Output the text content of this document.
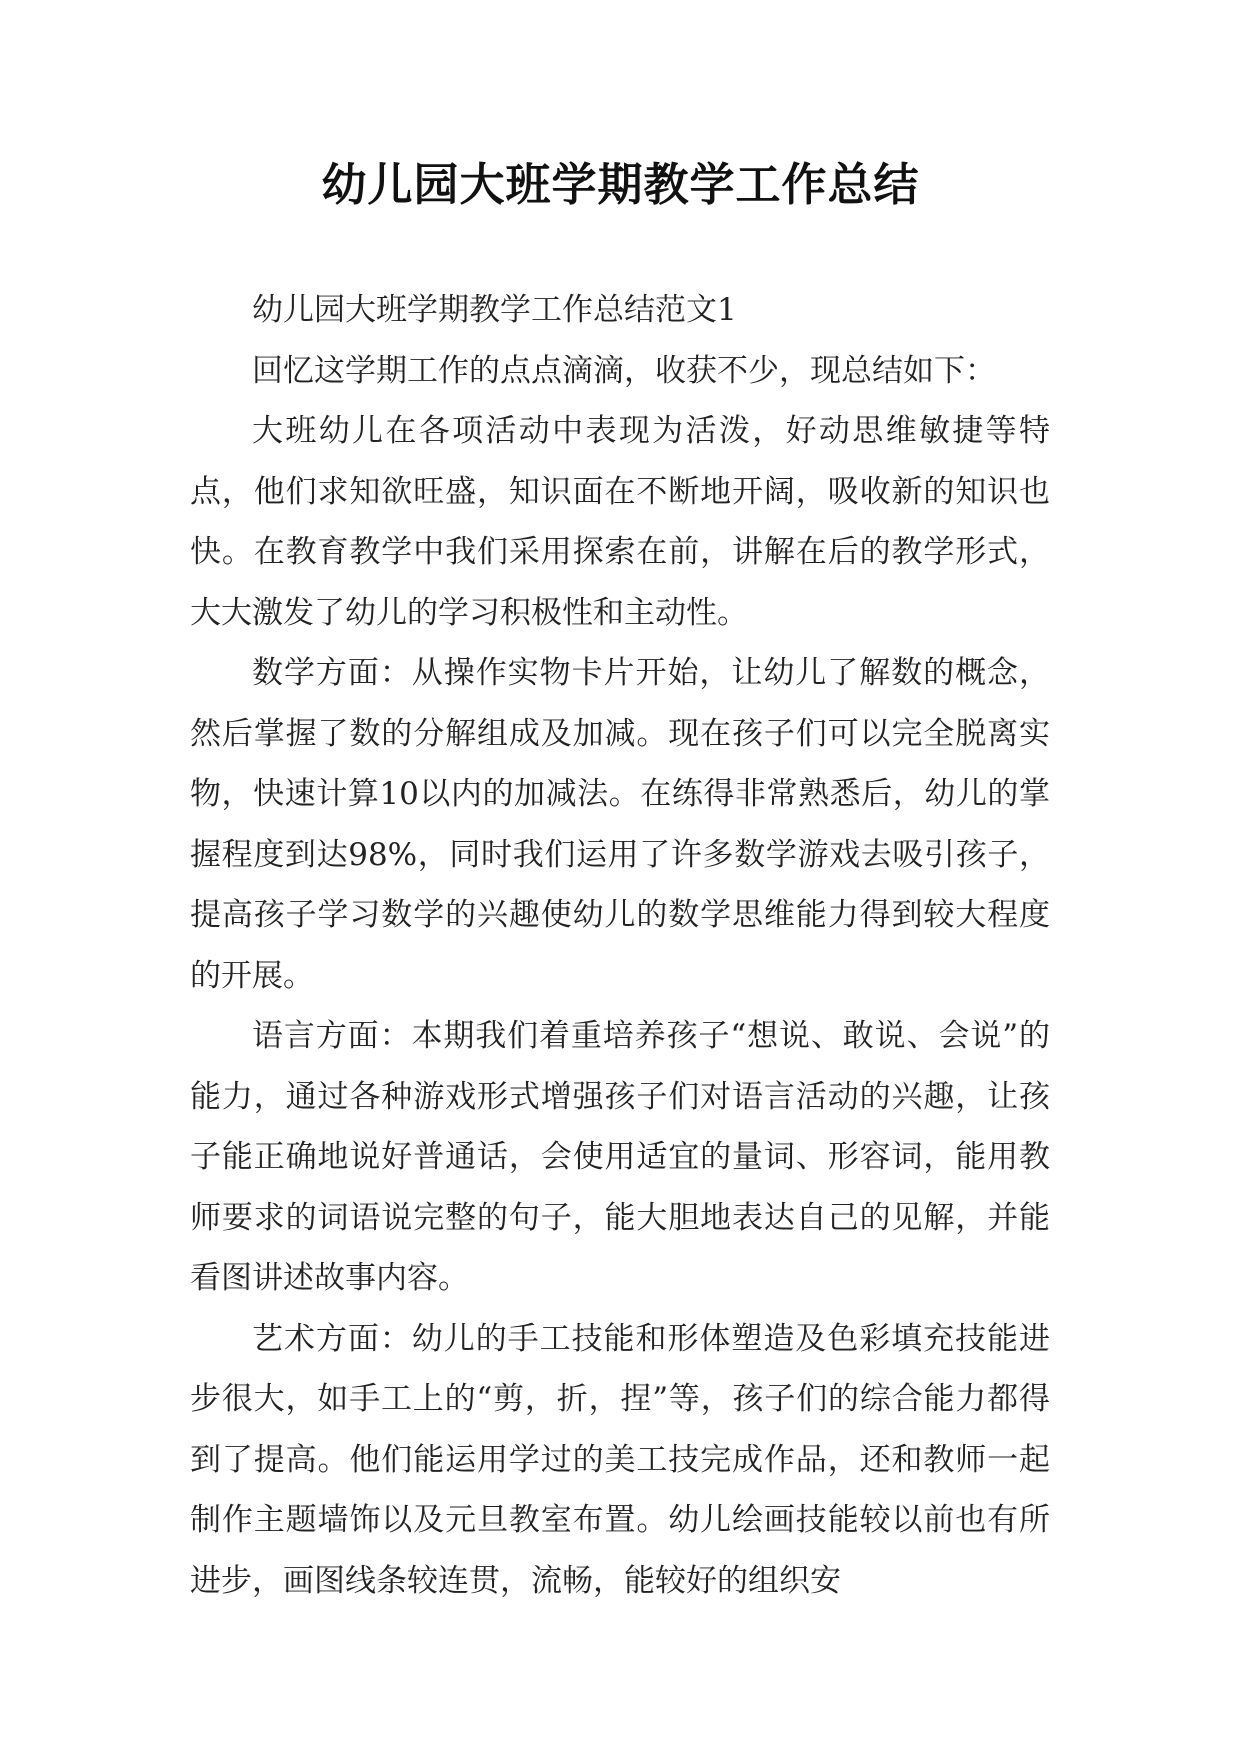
幼儿园大班学期教学工作总结

幼儿园大班学期教学工作总结范文1

回忆这学期工作的点点滴滴，收获不少，现总结如下：

大班幼儿在各项活动中表现为活泼，好动思维敏捷等特点，他们求知欲旺盛，知识面在不断地开阔，吸收新的知识也快。在教育教学中我们采用探索在前，讲解在后的教学形式，大大激发了幼儿的学习积极性和主动性。

数学方面：从操作实物卡片开始，让幼儿了解数的概念，然后掌握了数的分解组成及加减。现在孩子们可以完全脱离实物，快速计算10以内的加减法。在练得非常熟悉后，幼儿的掌握程度到达98%，同时我们运用了许多数学游戏去吸引孩子，提高孩子学习数学的兴趣使幼儿的数学思维能力得到较大程度的开展。

语言方面：本期我们着重培养孩子“想说、敢说、会说”的能力，通过各种游戏形式增强孩子们对语言活动的兴趣，让孩子能正确地说好普通话，会使用适宜的量词、形容词，能用教师要求的词语说完整的句子，能大胆地表达自己的见解，并能看图讲述故事内容。

艺术方面：幼儿的手工技能和形体塑造及色彩填充技能进步很大，如手工上的“剪，折，捏”等，孩子们的综合能力都得到了提高。他们能运用学过的美工技完成作品，还和教师一起制作主题墙饰以及元旦教室布置。幼儿绘画技能较以前也有所进步，画图线条较连贯，流畅，能较好的组织安
